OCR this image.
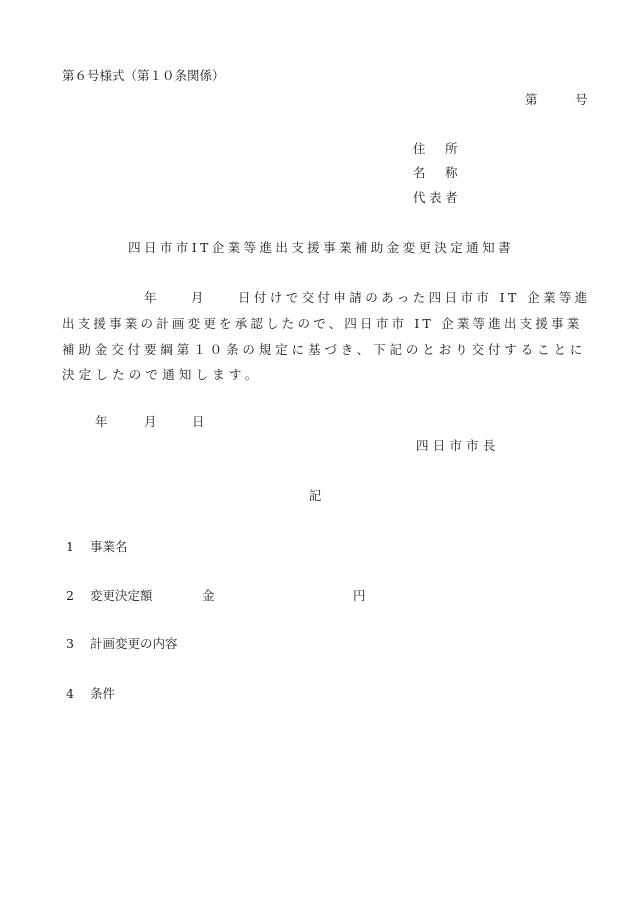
第６号様式（第１０条関係）
第	号
住 所
名 称
代表者
四日市市IT企業等進出支援事業補助金変更決定通知書
年	月	日付けで交付申請のあった四日市市 IT 企業等進
出支援事業の計画変更を承認したので、四日市市 IT 企業等進出支援事業
補助金交付要綱第１０条の規定に基づき、下記のとおり交付することに
決定したので通知します。
年	月	日
四日市市長
記
1 事業名
2 変更決定額	金	円
3 計画変更の内容
4 条件
